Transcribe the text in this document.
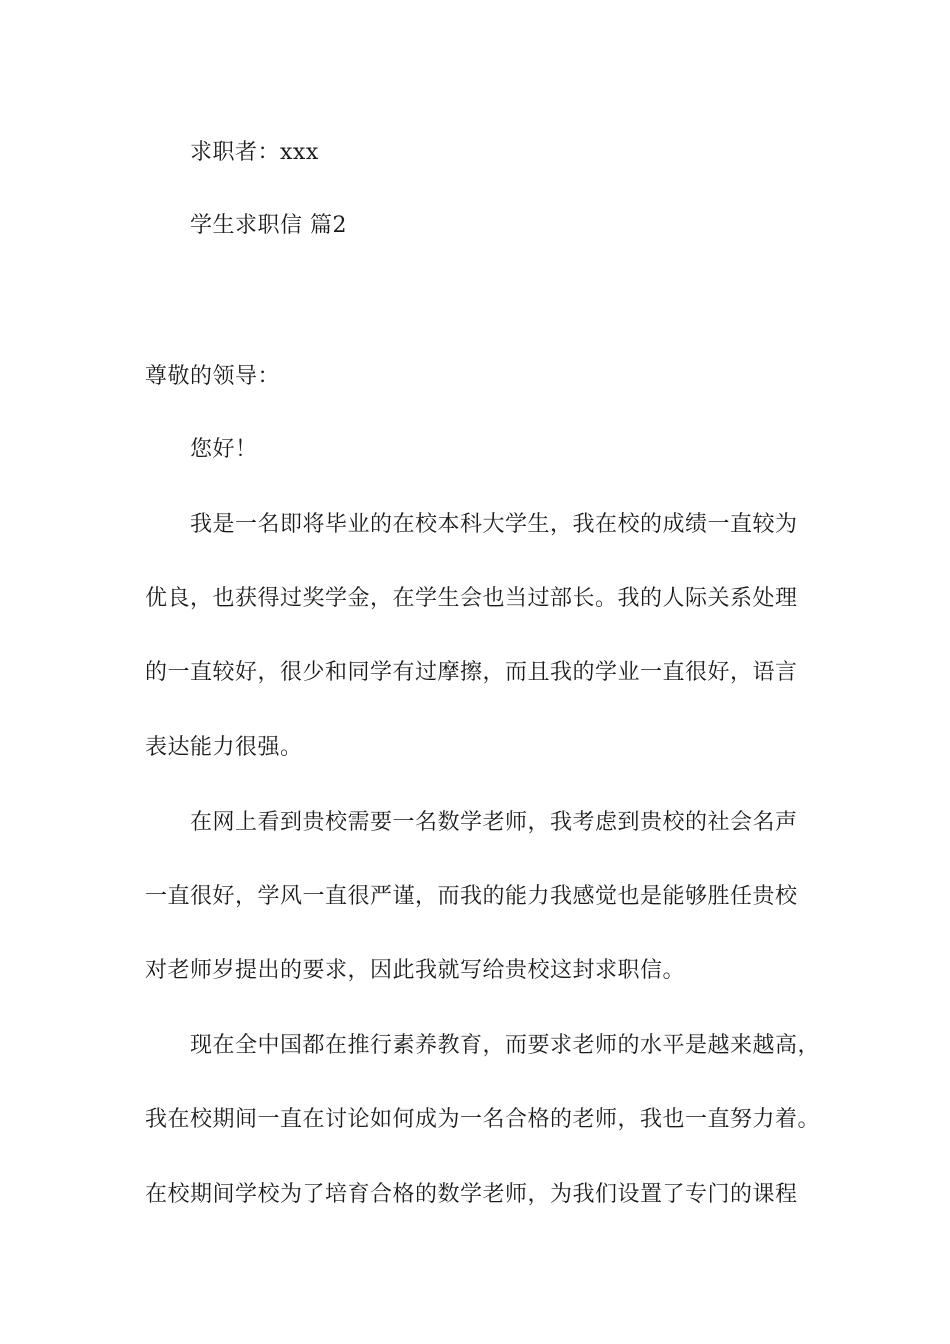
求职者：xxx
学生求职信 篇2
尊敬的领导：
您好！
我是一名即将毕业的在校本科大学生，我在校的成绩一直较为
优良，也获得过奖学金，在学生会也当过部长。我的人际关系处理
的一直较好，很少和同学有过摩擦，而且我的学业一直很好，语言
表达能力很强。
在网上看到贵校需要一名数学老师，我考虑到贵校的社会名声
一直很好，学风一直很严谨，而我的能力我感觉也是能够胜任贵校
对老师岁提出的要求，因此我就写给贵校这封求职信。
现在全中国都在推行素养教育，而要求老师的水平是越来越高，
我在校期间一直在讨论如何成为一名合格的老师，我也一直努力着。
在校期间学校为了培育合格的数学老师，为我们设置了专门的课程
